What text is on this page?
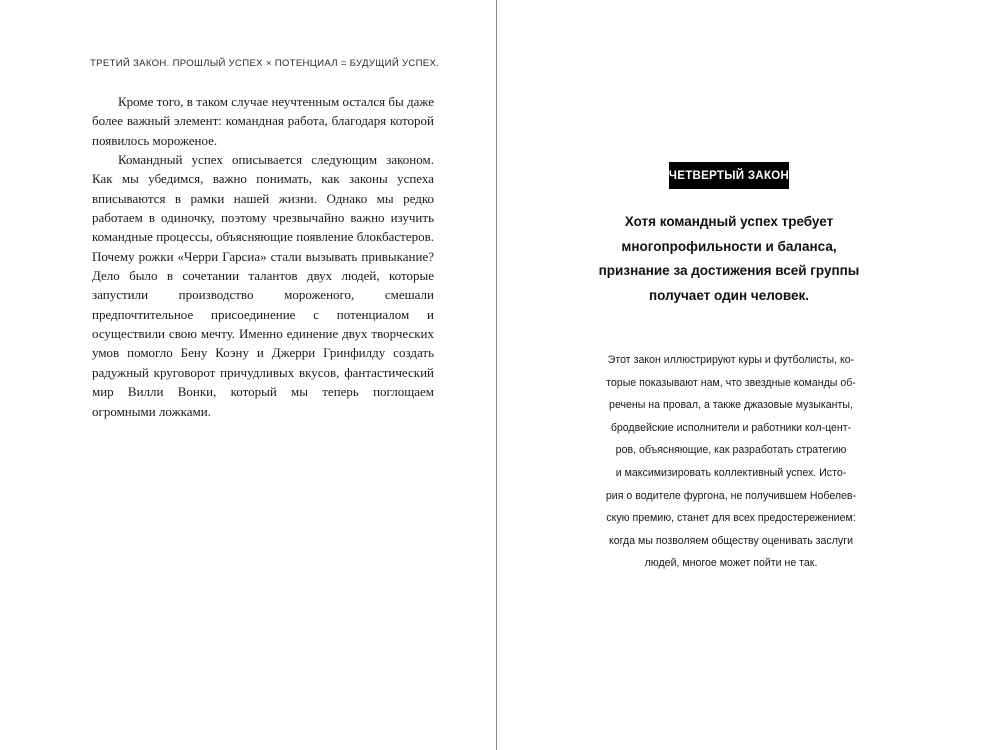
ТРЕТИЙ ЗАКОН. ПРОШЛЫЙ УСПЕХ × ПОТЕНЦИАЛ = БУДУЩИЙ УСПЕХ.

Кроме того, в таком случае неучтенным остался бы даже более важный элемент: командная работа, благодаря которой появилось мороженое.

Командный успех описывается следующим законом. Как мы убедимся, важно понимать, как законы успеха вписываются в рамки нашей жизни. Однако мы редко работаем в одиночку, поэтому чрезвычайно важно изучить командные процессы, объясняющие появление блокбастеров. Почему рожки «Черри Гарсиа» стали вызывать привыкание? Дело было в сочетании талантов двух людей, которые запустили производство мороженого, смешали предпочтительное присоединение с потенциалом и осуществили свою мечту. Именно единение двух творческих умов помогло Бену Коэну и Джерри Гринфилду создать радужный круговорот причудливых вкусов, фантастический мир Вилли Вонки, который мы теперь поглощаем огромными ложками.

ЧЕТВЕРТЫЙ ЗАКОН
Хотя командный успех требует
многопрофильности и баланса,
признание за достижения всей группы
получает один человек.
Этот закон иллюстрируют куры и футболисты, ко-
торые показывают нам, что звездные команды об-
речены на провал, а также джазовые музыканты,
бродвейские исполнители и работники кол-цент-
ров, объясняющие, как разработать стратегию
и максимизировать коллективный успех. Исто-
рия о водителе фургона, не получившем Нобелев-
скую премию, станет для всех предостережением:
когда мы позволяем обществу оценивать заслуги
людей, многое может пойти не так.
